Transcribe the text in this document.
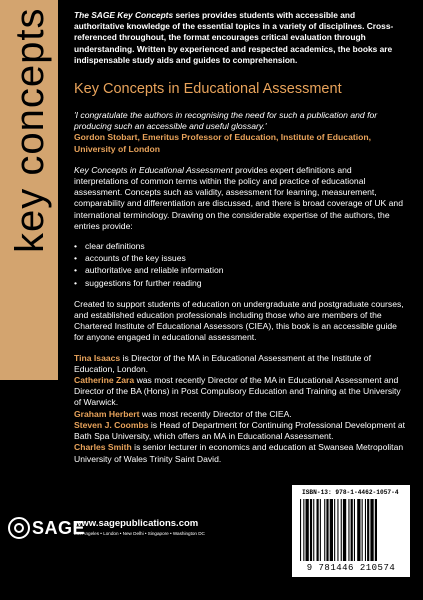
key concepts	The SAGE Key Concepts series provides students with accessible and authoritative knowledge of the essential topics in a variety of disciplines. Cross-referenced throughout, the format encourages critical evaluation through understanding. Written by experienced and respected academics, the books are indispensable study aids and guides to comprehension.

Key Concepts in Educational Assessment

'I congratulate the authors in recognising the need for such a publication and for producing such an accessible and useful glossary.'

Gordon Stobart, Emeritus Professor of Education, Institute of Education, University of London

Key Concepts in Educational Assessment provides expert definitions and interpretations of common terms within the policy and practice of educational assessment. Concepts such as validity, assessment for learning, measurement, comparability and differentiation are discussed, and there is broad coverage of UK and international terminology. Drawing on the considerable expertise of the authors, the entries provide:

• clear definitions
• accounts of the key issues
• authoritative and reliable information
• suggestions for further reading

Created to support students of education on undergraduate and postgraduate courses, and established education professionals including those who are members of the Chartered Institute of Educational Assessors (CIEA), this book is an accessible guide for anyone engaged in educational assessment.

Tina Isaacs is Director of the MA in Educational Assessment at the Institute of Education, London.

Catherine Zara was most recently Director of the MA in Educational Assessment and Director of the BA (Hons) in Post Compulsory Education and Training at the University of Warwick.

Graham Herbert was most recently Director of the CIEA.

Steven J. Coombs is Head of Department for Continuing Professional Development at Bath Spa University, which offers an MA in Educational Assessment.

Charles Smith is senior lecturer in economics and education at Swansea Metropolitan University of Wales Trinity Saint David.

SAGE
www.sagepublications.com
Los Angeles • London • New Delhi • Singapore • Washington DC
ISBN-13: 978-1-4462-1057-4
9 781446 210574
